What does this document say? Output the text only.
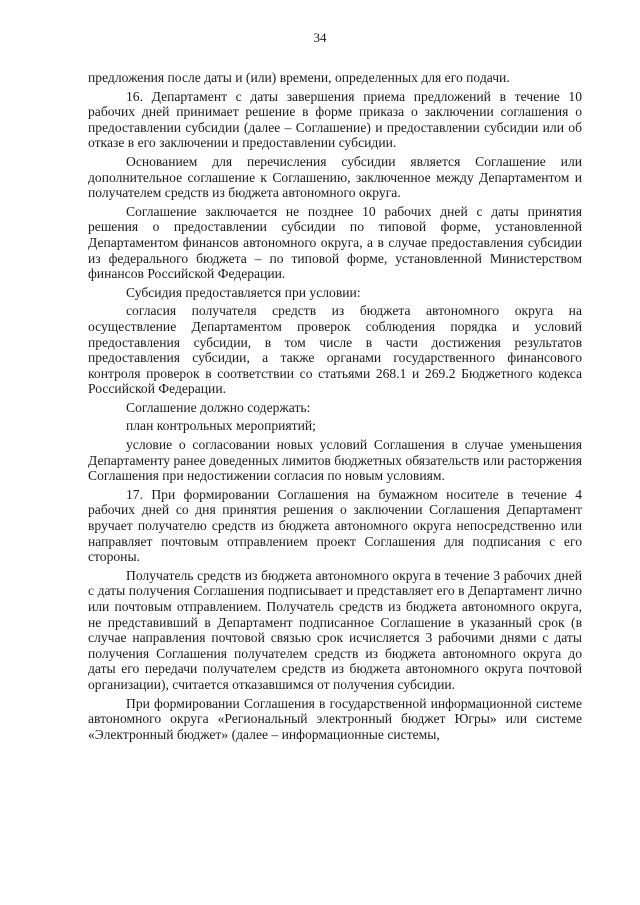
34

предложения после даты и (или) времени, определенных для его подачи.

16. Департамент с даты завершения приема предложений в течение 10 рабочих дней принимает решение в форме приказа о заключении соглашения о предоставлении субсидии (далее – Соглашение) и предоставлении субсидии или об отказе в его заключении и предоставлении субсидии.

Основанием для перечисления субсидии является Соглашение или дополнительное соглашение к Соглашению, заключенное между Департаментом и получателем средств из бюджета автономного округа.

Соглашение заключается не позднее 10 рабочих дней с даты принятия решения о предоставлении субсидии по типовой форме, установленной Департаментом финансов автономного округа, а в случае предоставления субсидии из федерального бюджета – по типовой форме, установленной Министерством финансов Российской Федерации.

Субсидия предоставляется при условии:

согласия получателя средств из бюджета автономного округа на осуществление Департаментом проверок соблюдения порядка и условий предоставления субсидии, в том числе в части достижения результатов предоставления субсидии, а также органами государственного финансового контроля проверок в соответствии со статьями 268.1 и 269.2 Бюджетного кодекса Российской Федерации.

Соглашение должно содержать:

план контрольных мероприятий;

условие о согласовании новых условий Соглашения в случае уменьшения Департаменту ранее доведенных лимитов бюджетных обязательств или расторжения Соглашения при недостижении согласия по новым условиям.

17. При формировании Соглашения на бумажном носителе в течение 4 рабочих дней со дня принятия решения о заключении Соглашения Департамент вручает получателю средств из бюджета автономного округа непосредственно или направляет почтовым отправлением проект Соглашения для подписания с его стороны.

Получатель средств из бюджета автономного округа в течение 3 рабочих дней с даты получения Соглашения подписывает и представляет его в Департамент лично или почтовым отправлением. Получатель средств из бюджета автономного округа, не представивший в Департамент подписанное Соглашение в указанный срок (в случае направления почтовой связью срок исчисляется 3 рабочими днями с даты получения Соглашения получателем средств из бюджета автономного округа до даты его передачи получателем средств из бюджета автономного округа почтовой организации), считается отказавшимся от получения субсидии.

При формировании Соглашения в государственной информационной системе автономного округа «Региональный электронный бюджет Югры» или системе «Электронный бюджет» (далее – информационные системы,
